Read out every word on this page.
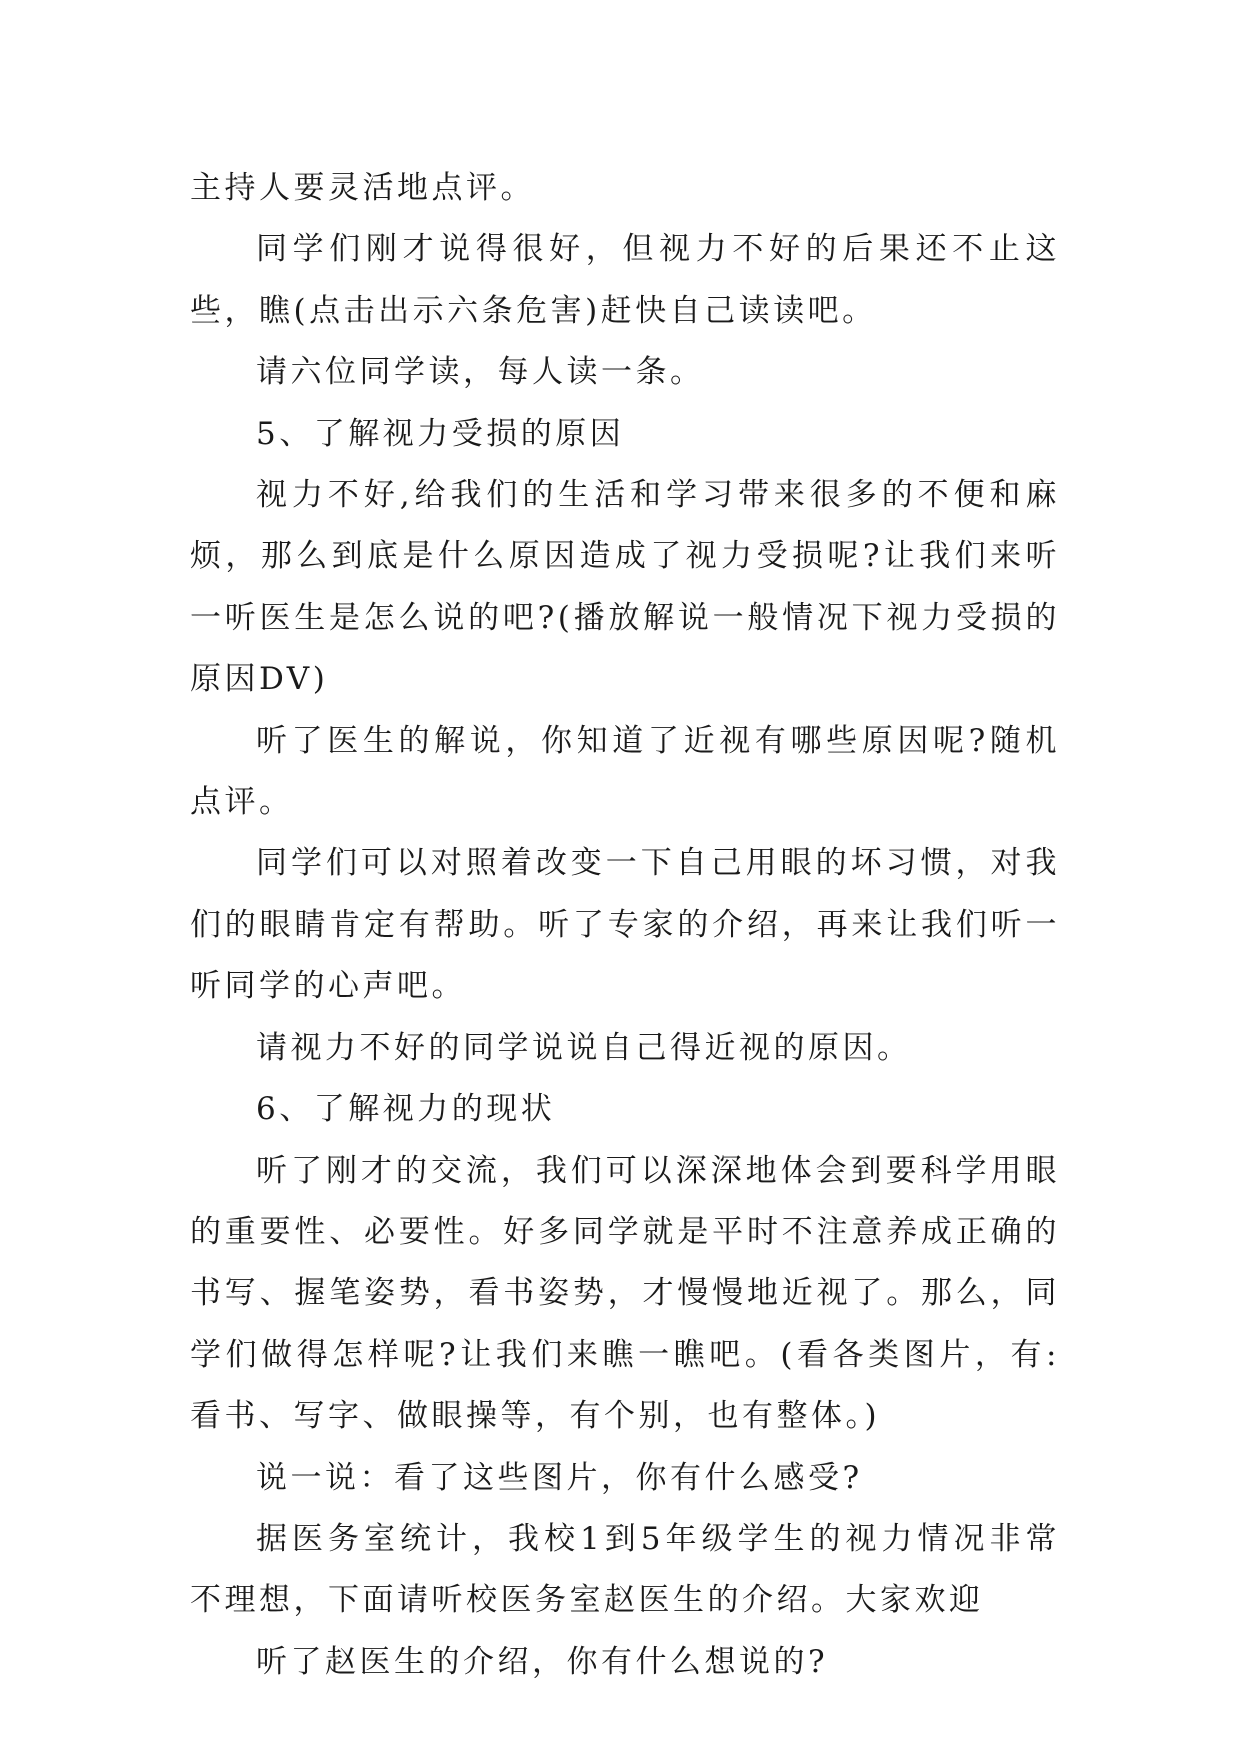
主持人要灵活地点评。

同学们刚才说得很好，但视力不好的后果还不止这些，瞧(点击出示六条危害)赶快自己读读吧。

请六位同学读，每人读一条。

5、了解视力受损的原因

视力不好,给我们的生活和学习带来很多的不便和麻烦，那么到底是什么原因造成了视力受损呢?让我们来听一听医生是怎么说的吧?(播放解说一般情况下视力受损的原因DV)

听了医生的解说，你知道了近视有哪些原因呢?随机点评。

同学们可以对照着改变一下自己用眼的坏习惯，对我们的眼睛肯定有帮助。听了专家的介绍，再来让我们听一听同学的心声吧。

请视力不好的同学说说自己得近视的原因。

6、了解视力的现状

听了刚才的交流，我们可以深深地体会到要科学用眼的重要性、必要性。好多同学就是平时不注意养成正确的书写、握笔姿势，看书姿势，才慢慢地近视了。那么，同学们做得怎样呢?让我们来瞧一瞧吧。(看各类图片，有:看书、写字、做眼操等，有个别，也有整体。)

说一说：看了这些图片，你有什么感受?

据医务室统计，我校1到5年级学生的视力情况非常不理想，下面请听校医务室赵医生的介绍。大家欢迎

听了赵医生的介绍，你有什么想说的?
